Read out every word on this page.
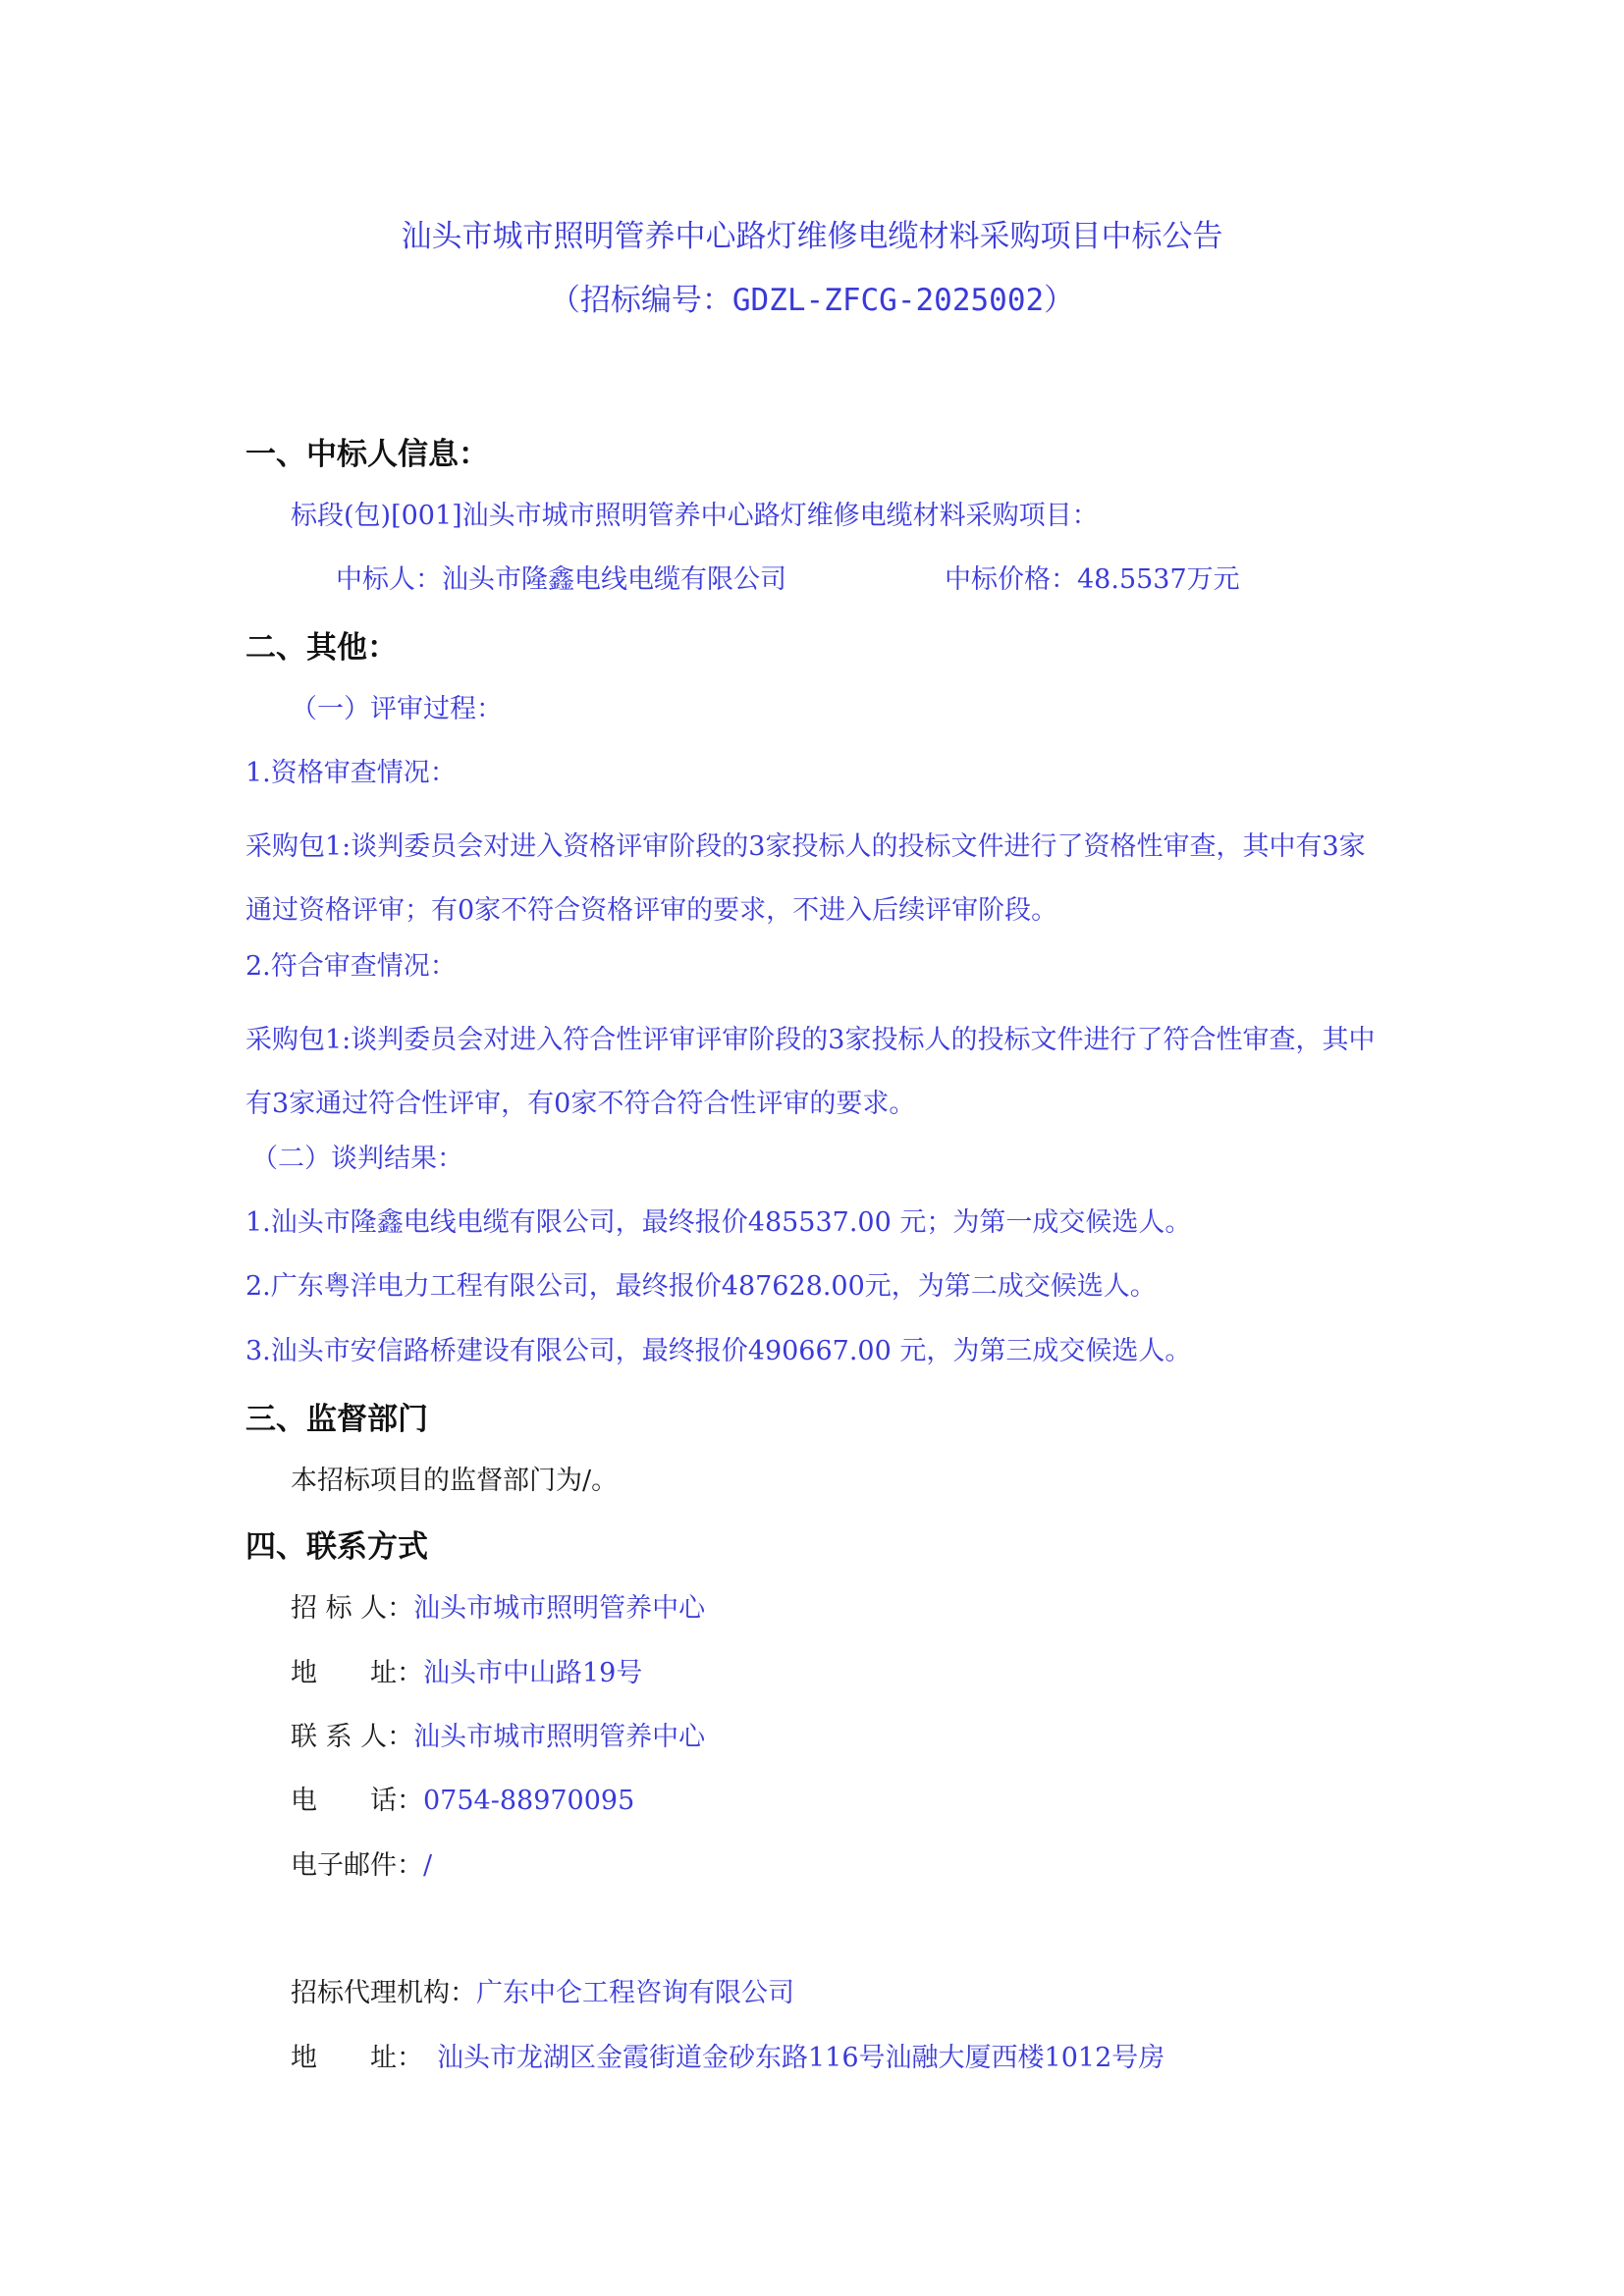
汕头市城市照明管养中心路灯维修电缆材料采购项目中标公告
（招标编号：GDZL-ZFCG-2025002）
一、中标人信息：
标段(包)[001]汕头市城市照明管养中心路灯维修电缆材料采购项目：
中标人：汕头市隆鑫电线电缆有限公司	中标价格：48.5537万元
二、其他：
（一）评审过程：
1.资格审查情况：
采购包1:谈判委员会对进入资格评审阶段的3家投标人的投标文件进行了资格性审查，其中有3家通过资格评审；有0家不符合资格评审的要求，不进入后续评审阶段。
2.符合审查情况：
采购包1:谈判委员会对进入符合性评审评审阶段的3家投标人的投标文件进行了符合性审查，其中有3家通过符合性评审，有0家不符合符合性评审的要求。
（二）谈判结果：
1.汕头市隆鑫电线电缆有限公司，最终报价485537.00 元；为第一成交候选人。
2.广东粤洋电力工程有限公司，最终报价487628.00元，为第二成交候选人。
3.汕头市安信路桥建设有限公司，最终报价490667.00 元，为第三成交候选人。
三、监督部门
本招标项目的监督部门为/。
四、联系方式
招 标 人：汕头市城市照明管养中心
地　　址：汕头市中山路19号
联 系 人：汕头市城市照明管养中心
电　　话：0754-88970095
电子邮件：/
招标代理机构：广东中仑工程咨询有限公司
地　　址： 汕头市龙湖区金霞街道金砂东路116号汕融大厦西楼1012号房
